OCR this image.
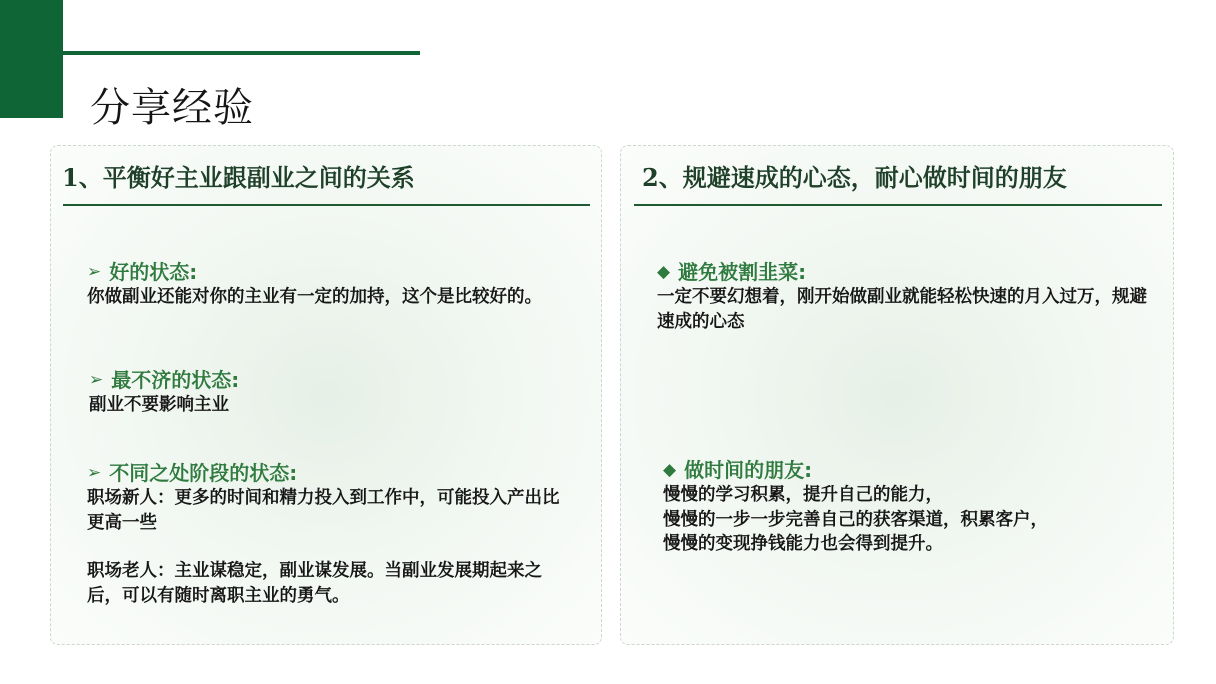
分享经验
1、平衡好主业跟副业之间的关系
➢ 好的状态:

你做副业还能对你的主业有一定的加持，这个是比较好的。

➢ 最不济的状态:

副业不要影响主业

➢ 不同之处阶段的状态:

职场新人：更多的时间和精力投入到工作中，可能投入产出比更高一些

职场老人：主业谋稳定，副业谋发展。当副业发展期起来之后，可以有随时离职主业的勇气。

2、规避速成的心态，耐心做时间的朋友
◆ 避免被割韭菜:

一定不要幻想着，刚开始做副业就能轻松快速的月入过万，规避速成的心态

◆ 做时间的朋友:

慢慢的学习积累，提升自己的能力，

慢慢的一步一步完善自己的获客渠道，积累客户，

慢慢的变现挣钱能力也会得到提升。
